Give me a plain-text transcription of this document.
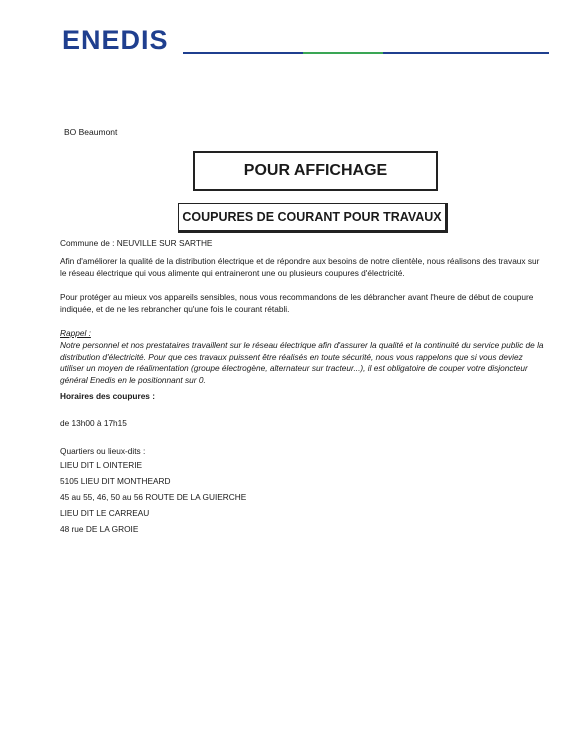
ENEDIS
BO Beaumont
POUR AFFICHAGE
COUPURES DE COURANT POUR TRAVAUX
Commune de : NEUVILLE SUR SARTHE
Afin d'améliorer la qualité de la distribution électrique et de répondre aux besoins de notre clientèle, nous réalisons des travaux sur le réseau électrique qui vous alimente qui entraineront une ou plusieurs coupures d'électricité.
Pour protéger au mieux vos appareils sensibles, nous vous recommandons de les débrancher avant l'heure de début de coupure indiquée, et de ne les rebrancher qu'une fois le courant rétabli.
Rappel :
Notre personnel et nos prestataires travaillent sur le réseau électrique afin d'assurer la qualité et la continuité du service public de la distribution d'électricité. Pour que ces travaux puissent être réalisés en toute sécurité, nous vous rappelons que si vous deviez utiliser un moyen de réalimentation (groupe électrogène, alternateur sur tracteur...), il est obligatoire de couper votre disjoncteur général Enedis en le positionnant sur 0.
Horaires des coupures :
de 13h00 à 17h15
Quartiers ou lieux-dits :
LIEU DIT L OINTERIE
5105 LIEU DIT MONTHEARD
45 au 55, 46, 50 au 56 ROUTE DE LA GUIERCHE
LIEU DIT LE CARREAU
48 rue DE LA GROIE
